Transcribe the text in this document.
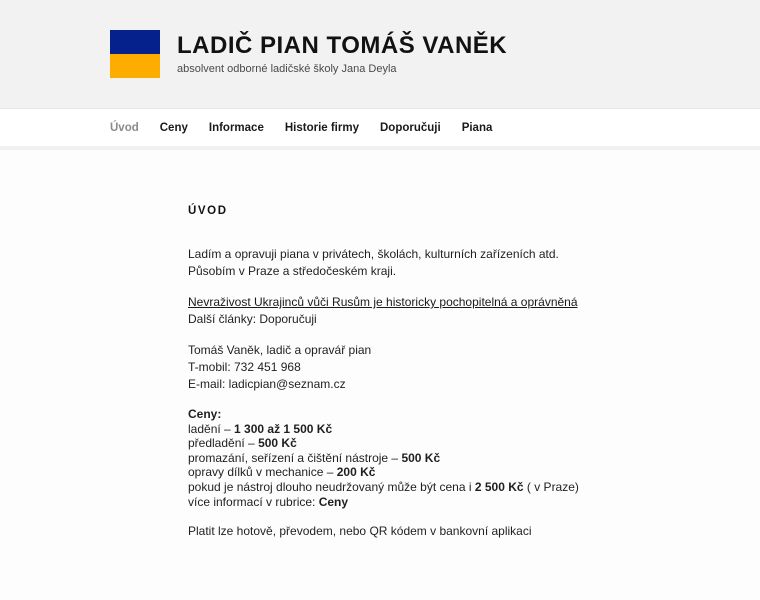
LADIČ PIAN TOMÁŠ VANĚK

absolvent odborné ladičské školy Jana Deyla

Úvod Ceny Informace Historie firmy Doporučuji Piana
ÚVOD

Ladím a opravuji piana v privátech, školách, kulturních zařízeních atd.
Působím v Praze a středočeském kraji.

Nevraživost Ukrajinců vůči Rusům je historicky pochopitelná a oprávněná
Další články: Doporučuji

Tomáš Vaněk, ladič a opravář pian
T-mobil: 732 451 968
E-mail: ladicpian@seznam.cz

Ceny:
ladění – 1 300 až 1 500 Kč
předladění – 500 Kč
promazání, seřízení a čištění nástroje – 500 Kč
opravy dílků v mechanice – 200 Kč
pokud je nástroj dlouho neudržovaný může být cena i 2 500 Kč ( v Praze)
více informací v rubrice: Ceny

Platit lze hotově, převodem, nebo QR kódem v bankovní aplikaci
